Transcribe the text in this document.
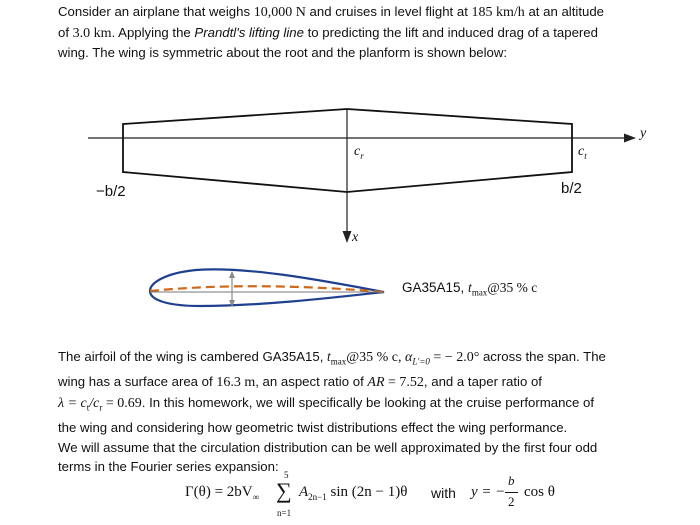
Consider an airplane that weighs 10,000 N and cruises in level flight at 185 km/h at an altitude
of 3.0 km. Applying the Prandtl's lifting line to predicting the lift and induced drag of a tapered
wing. The wing is symmetric about the root and the planform is shown below:

y
x
$c_r$	$c_t$
−b/2	b/2
GA35A15, $t_{max}@35$ % c

The airfoil of the wing is cambered GA35A15, $t_{max}@35$ % c, $\alpha_{L'=0}$ = − 2.0° across the span. The
wing has a surface area of 16.3 m, an aspect ratio of AR = 7.52, and a taper ratio of
$\lambda = c_t/c_r = 0.69$. In this homework, we will specifically be looking at the cruise performance of
the wing and considering how geometric twist distributions effect the wing performance.
We will assume that the circulation distribution can be well approximated by the first four odd
terms in the Fourier series expansion:

$\Gamma(\theta) = 2bV_\infty$
5
∑
n=1
$A_{2n-1}$ sin (2n − 1)θ with y = −
b
2
cos θ
